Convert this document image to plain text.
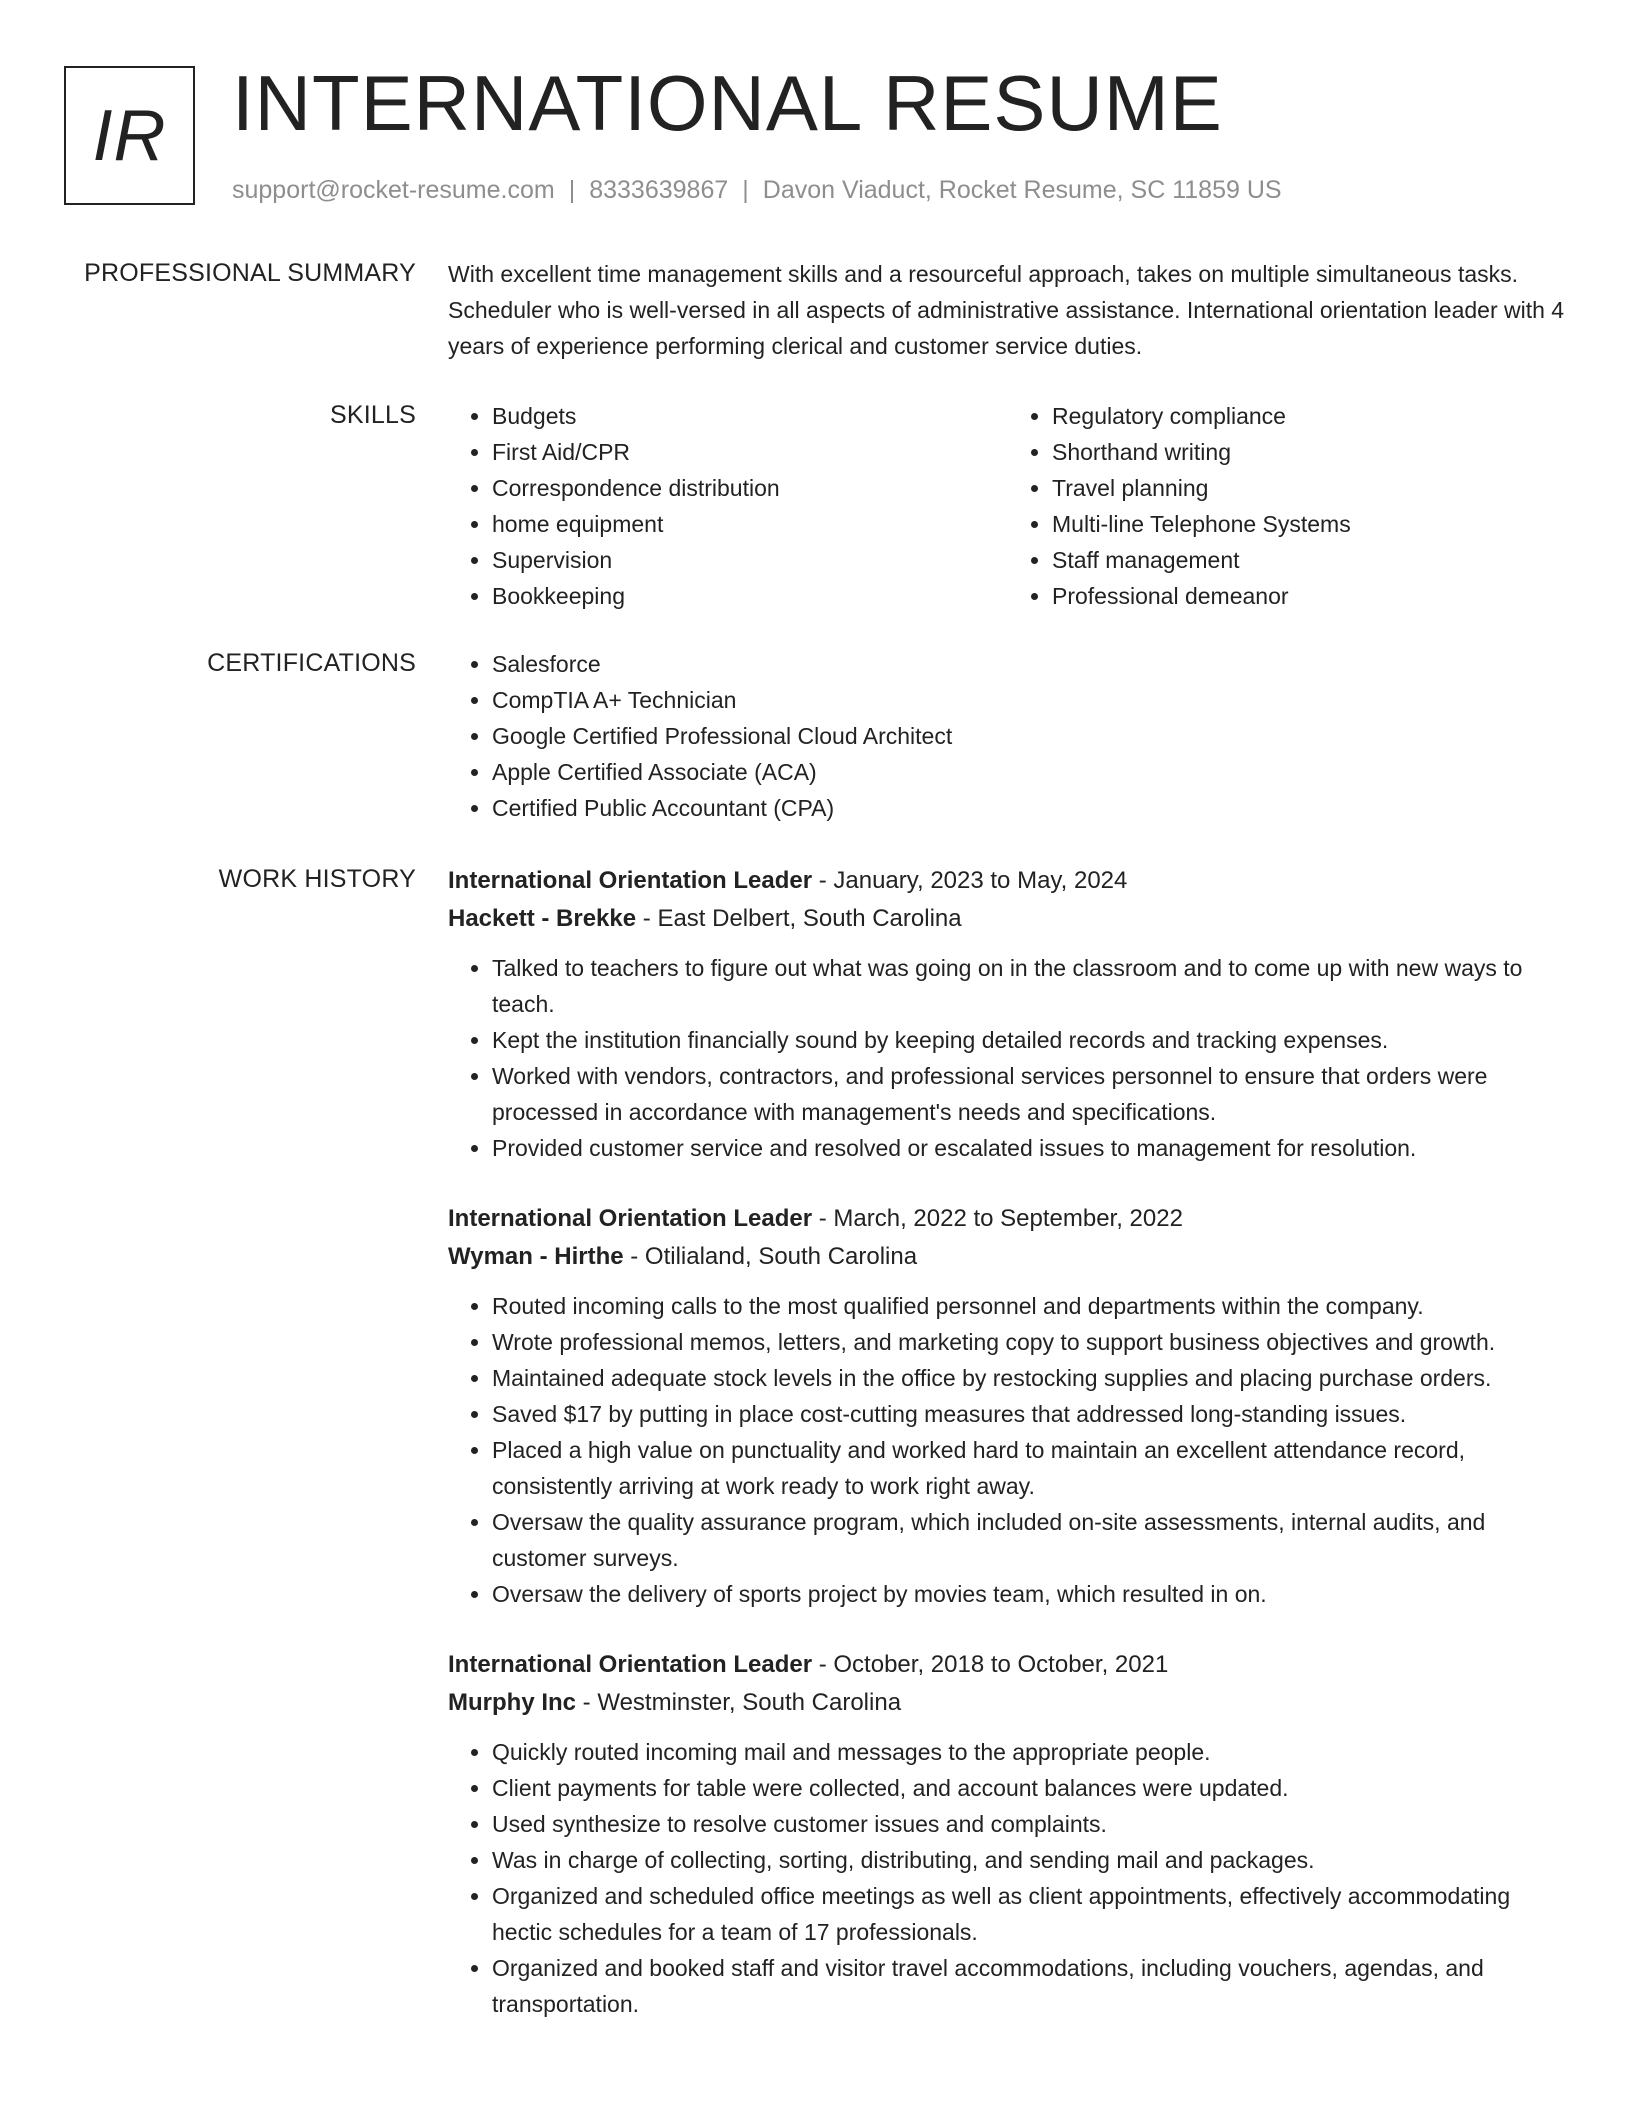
IR INTERNATIONAL RESUME
support@rocket-resume.com | 8333639867 | Davon Viaduct, Rocket Resume, SC 11859 US
PROFESSIONAL SUMMARY With excellent time management skills and a resourceful approach, takes on multiple simultaneous tasks. Scheduler who is well-versed in all aspects of administrative assistance. International orientation leader with 4 years of experience performing clerical and customer service duties.
SKILLS	• Budgets
• First Aid/CPR
• Correspondence distribution
• home equipment
• Supervision
• Bookkeeping
• Regulatory compliance
• Shorthand writing
• Travel planning
• Multi-line Telephone Systems
• Staff management
• Professional demeanor
CERTIFICATIONS	• Salesforce
• CompTIA A+ Technician
• Google Certified Professional Cloud Architect
• Apple Certified Associate (ACA)
• Certified Public Accountant (CPA)
WORK HISTORY International Orientation Leader - January, 2023 to May, 2024
Hackett - Brekke - East Delbert, South Carolina
• Talked to teachers to figure out what was going on in the classroom and to come up with new ways to teach.
• Kept the institution financially sound by keeping detailed records and tracking expenses.
• Worked with vendors, contractors, and professional services personnel to ensure that orders were processed in accordance with management's needs and specifications.
• Provided customer service and resolved or escalated issues to management for resolution.
International Orientation Leader - March, 2022 to September, 2022
Wyman - Hirthe - Otilialand, South Carolina
• Routed incoming calls to the most qualified personnel and departments within the company.
• Wrote professional memos, letters, and marketing copy to support business objectives and growth.
• Maintained adequate stock levels in the office by restocking supplies and placing purchase orders.
• Saved $17 by putting in place cost-cutting measures that addressed long-standing issues.
• Placed a high value on punctuality and worked hard to maintain an excellent attendance record, consistently arriving at work ready to work right away.
• Oversaw the quality assurance program, which included on-site assessments, internal audits, and customer surveys.
• Oversaw the delivery of sports project by movies team, which resulted in on.
International Orientation Leader - October, 2018 to October, 2021
Murphy Inc - Westminster, South Carolina
• Quickly routed incoming mail and messages to the appropriate people.
• Client payments for table were collected, and account balances were updated.
• Used synthesize to resolve customer issues and complaints.
• Was in charge of collecting, sorting, distributing, and sending mail and packages.
• Organized and scheduled office meetings as well as client appointments, effectively accommodating hectic schedules for a team of 17 professionals.
• Organized and booked staff and visitor travel accommodations, including vouchers, agendas, and transportation.
